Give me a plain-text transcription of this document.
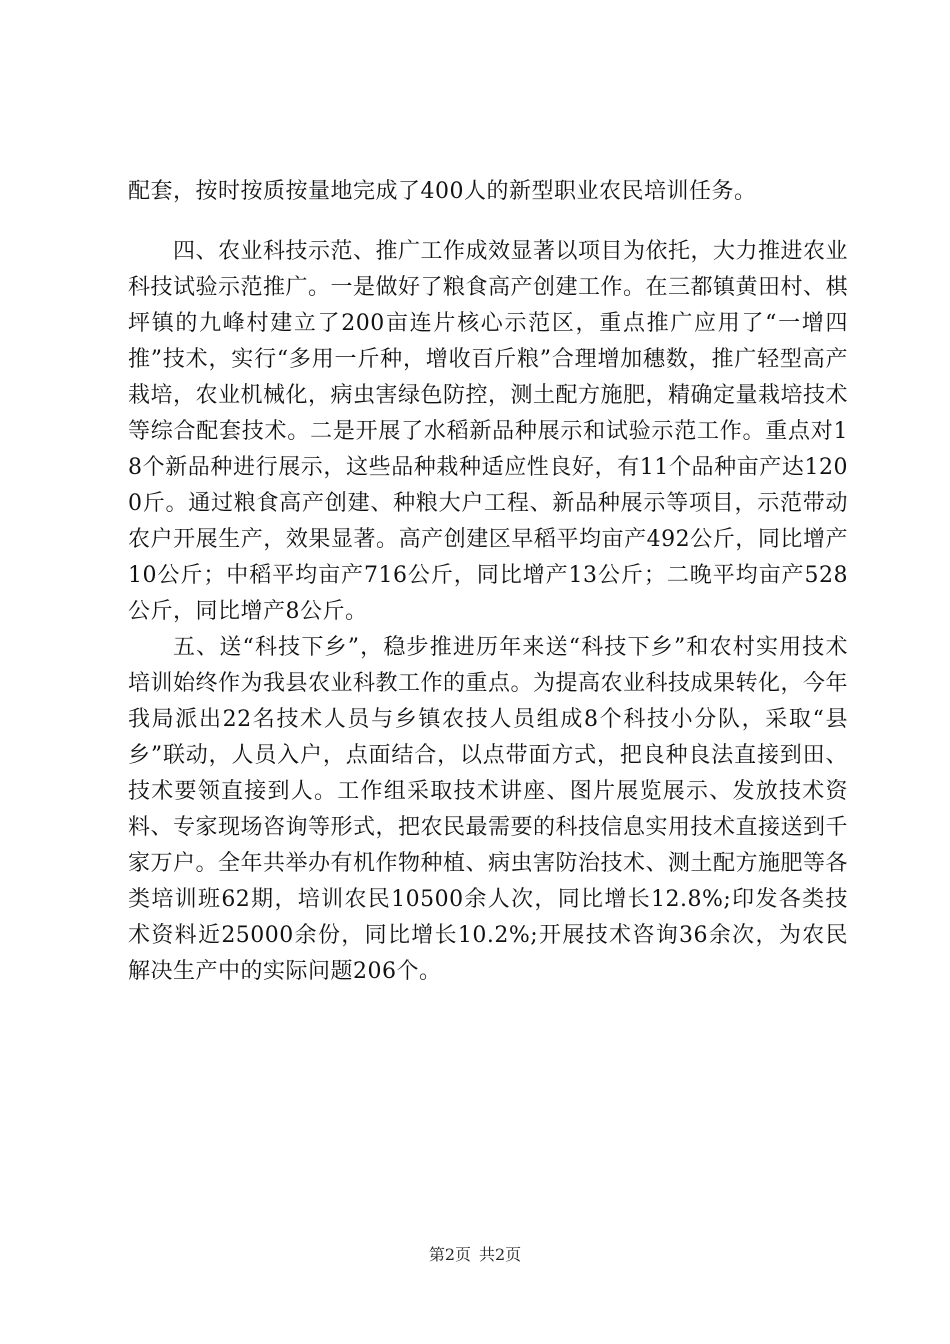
配套，按时按质按量地完成了400人的新型职业农民培训任务。

四、农业科技示范、推广工作成效显著以项目为依托，大力推进农业科技试验示范推广。一是做好了粮食高产创建工作。在三都镇黄田村、棋坪镇的九峰村建立了200亩连片核心示范区，重点推广应用了“一增四推”技术，实行“多用一斤种，增收百斤粮”合理增加穗数，推广轻型高产栽培，农业机械化，病虫害绿色防控，测土配方施肥，精确定量栽培技术等综合配套技术。二是开展了水稻新品种展示和试验示范工作。重点对18个新品种进行展示，这些品种栽种适应性良好，有11个品种亩产达1200斤。通过粮食高产创建、种粮大户工程、新品种展示等项目，示范带动农户开展生产，效果显著。高产创建区早稻平均亩产492公斤，同比增产10公斤；中稻平均亩产716公斤，同比增产13公斤；二晚平均亩产528公斤，同比增产8公斤。

五、送“科技下乡”，稳步推进历年来送“科技下乡”和农村实用技术培训始终作为我县农业科教工作的重点。为提高农业科技成果转化，今年我局派出22名技术人员与乡镇农技人员组成8个科技小分队，采取“县乡”联动，人员入户，点面结合，以点带面方式，把良种良法直接到田、技术要领直接到人。工作组采取技术讲座、图片展览展示、发放技术资料、专家现场咨询等形式，把农民最需要的科技信息实用技术直接送到千家万户。全年共举办有机作物种植、病虫害防治技术、测土配方施肥等各类培训班62期，培训农民10500余人次，同比增长12.8%;印发各类技术资料近25000余份，同比增长10.2%;开展技术咨询36余次，为农民解决生产中的实际问题206个。

第2页 共2页
